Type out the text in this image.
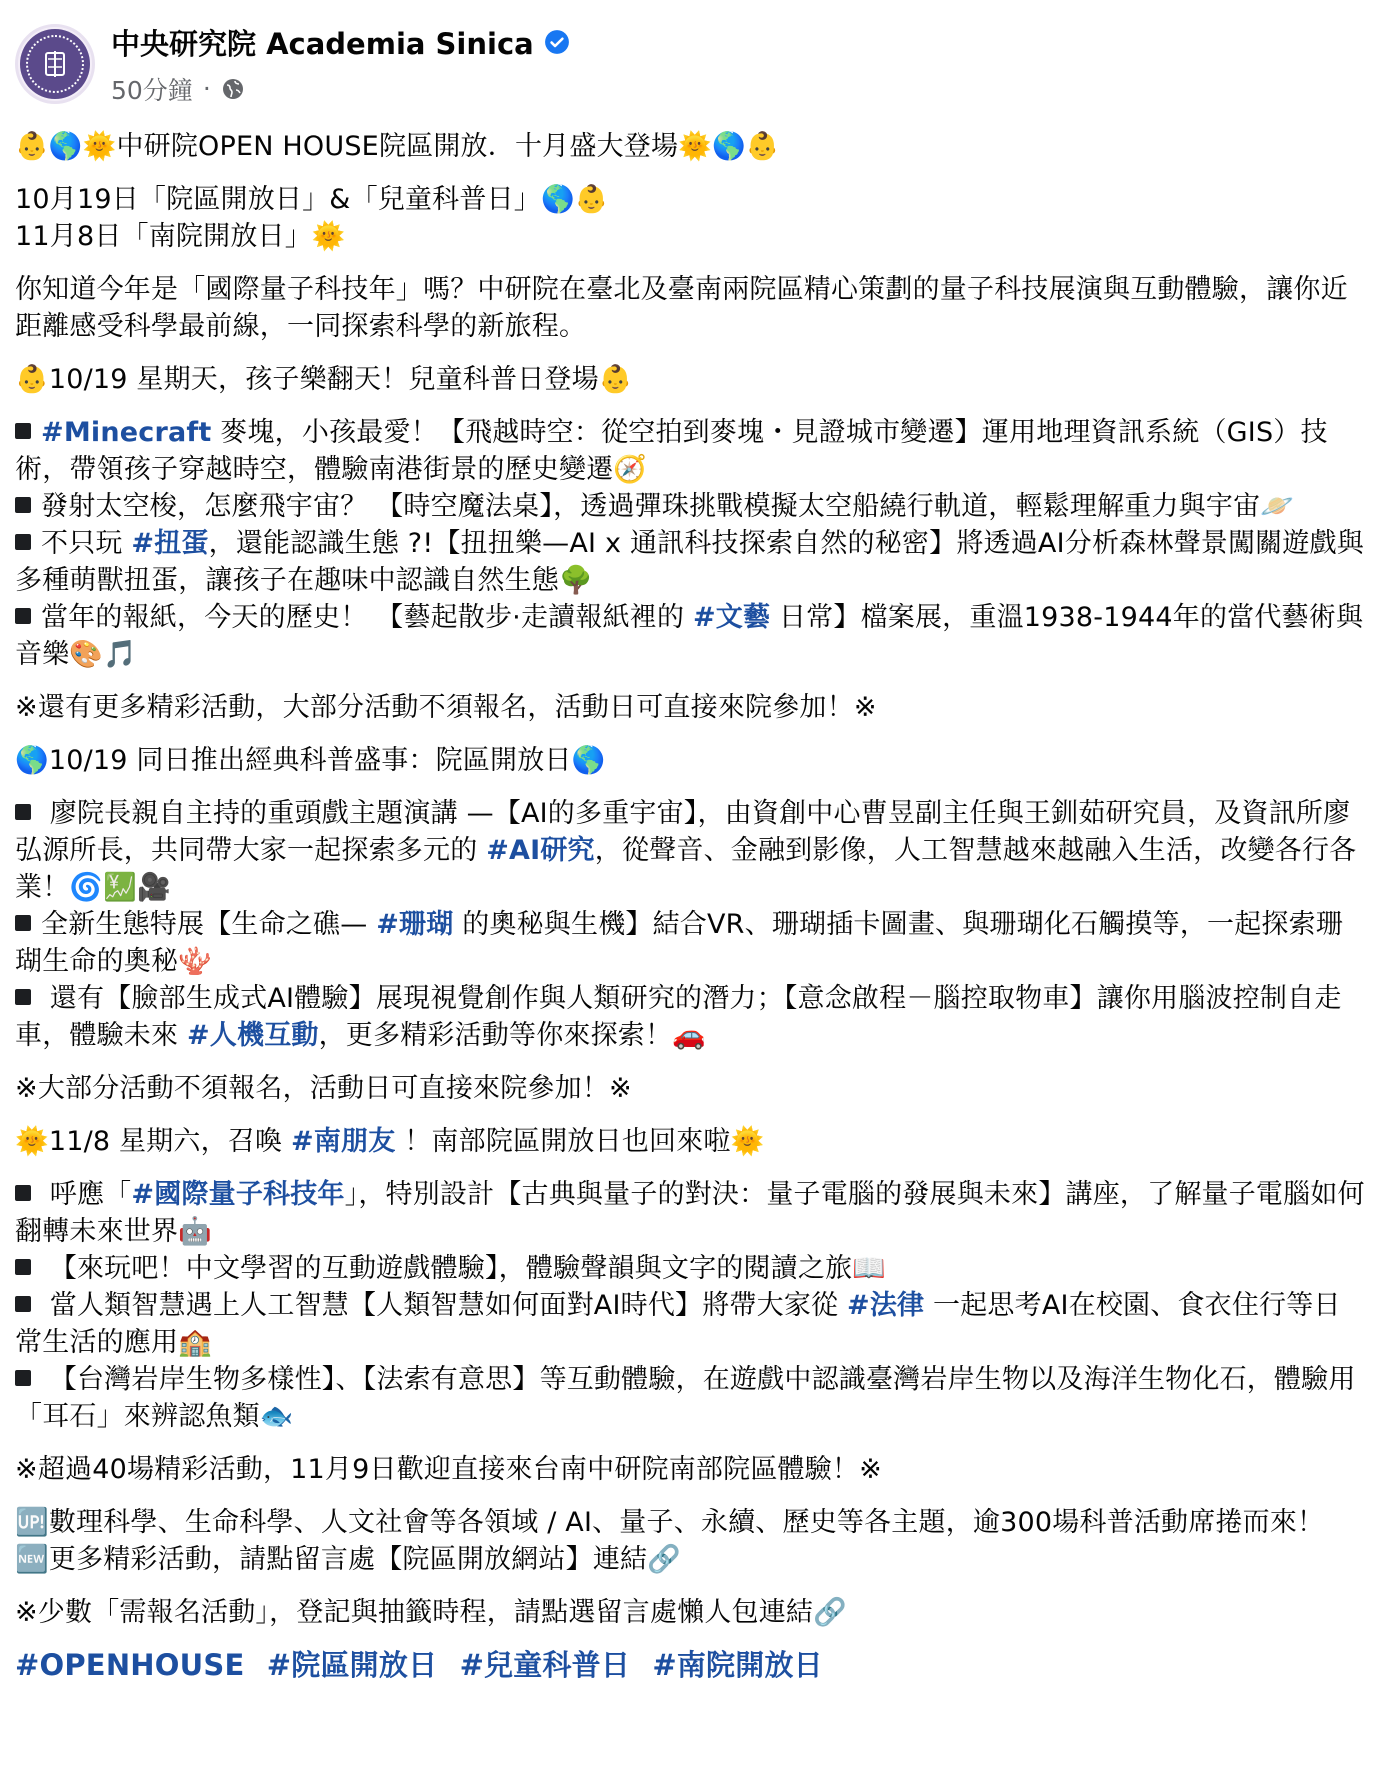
中央研究院 Academia Sinica
50分鐘 ·

👶🌎🌞中研院OPEN HOUSE院區開放．十月盛大登場🌞🌎👶

10月19日「院區開放日」&「兒童科普日」🌎👶
11月8日「南院開放日」🌞

你知道今年是「國際量子科技年」嗎？中研院在臺北及臺南兩院區精心策劃的量子科技展演與互動體驗，讓你近距離感受科學最前線，一同探索科學的新旅程。

👶10/19 星期天，孩子樂翻天！兒童科普日登場👶

#Minecraft 麥塊，小孩最愛！【飛越時空：從空拍到麥塊・見證城市變遷】運用地理資訊系統（GIS）技術，帶領孩子穿越時空，體驗南港街景的歷史變遷🧭
發射太空梭，怎麼飛宇宙？ 【時空魔法桌】，透過彈珠挑戰模擬太空船繞行軌道，輕鬆理解重力與宇宙🪐
不只玩 #扭蛋，還能認識生態 ?!【扭扭樂—AI x 通訊科技探索自然的秘密】將透過AI分析森林聲景闖關遊戲與多種萌獸扭蛋，讓孩子在趣味中認識自然生態🌳
當年的報紙，今天的歷史！ 【藝起散步·走讀報紙裡的 #文藝 日常】檔案展，重溫1938-1944年的當代藝術與音樂🎨🎵

※還有更多精彩活動，大部分活動不須報名，活動日可直接來院參加！※

🌎10/19 同日推出經典科普盛事：院區開放日🌎

廖院長親自主持的重頭戲主題演講 —【AI的多重宇宙】，由資創中心曹昱副主任與王釧茹研究員，及資訊所廖弘源所長，共同帶大家一起探索多元的 #AI研究，從聲音、金融到影像，人工智慧越來越融入生活，改變各行各業！🌀💹🎥
全新生態特展【生命之礁— #珊瑚 的奧秘與生機】結合VR、珊瑚插卡圖畫、與珊瑚化石觸摸等，一起探索珊瑚生命的奧秘🪸
還有【臉部生成式AI體驗】展現視覺創作與人類研究的潛力；【意念啟程－腦控取物車】讓你用腦波控制自走車，體驗未來 #人機互動，更多精彩活動等你來探索！🚗

※大部分活動不須報名，活動日可直接來院參加！※

🌞11/8 星期六，召喚 #南朋友 ！南部院區開放日也回來啦🌞

呼應「#國際量子科技年」，特別設計【古典與量子的對決：量子電腦的發展與未來】講座，了解量子電腦如何翻轉未來世界🤖
【來玩吧！中文學習的互動遊戲體驗】，體驗聲韻與文字的閱讀之旅📖
當人類智慧遇上人工智慧【人類智慧如何面對AI時代】將帶大家從 #法律 一起思考AI在校園、食衣住行等日常生活的應用🏫
【台灣岩岸生物多樣性】、【法索有意思】等互動體驗，在遊戲中認識臺灣岩岸生物以及海洋生物化石，體驗用「耳石」來辨認魚類🐟

※超過40場精彩活動，11月9日歡迎直接來台南中研院南部院區體驗！※

🆙數理科學、生命科學、人文社會等各領域 / AI、量子、永續、歷史等各主題，逾300場科普活動席捲而來！
🆕更多精彩活動，請點留言處【院區開放網站】連結🔗

※少數「需報名活動」，登記與抽籤時程，請點選留言處懶人包連結🔗

#OPENHOUSE #院區開放日 #兒童科普日 #南院開放日
